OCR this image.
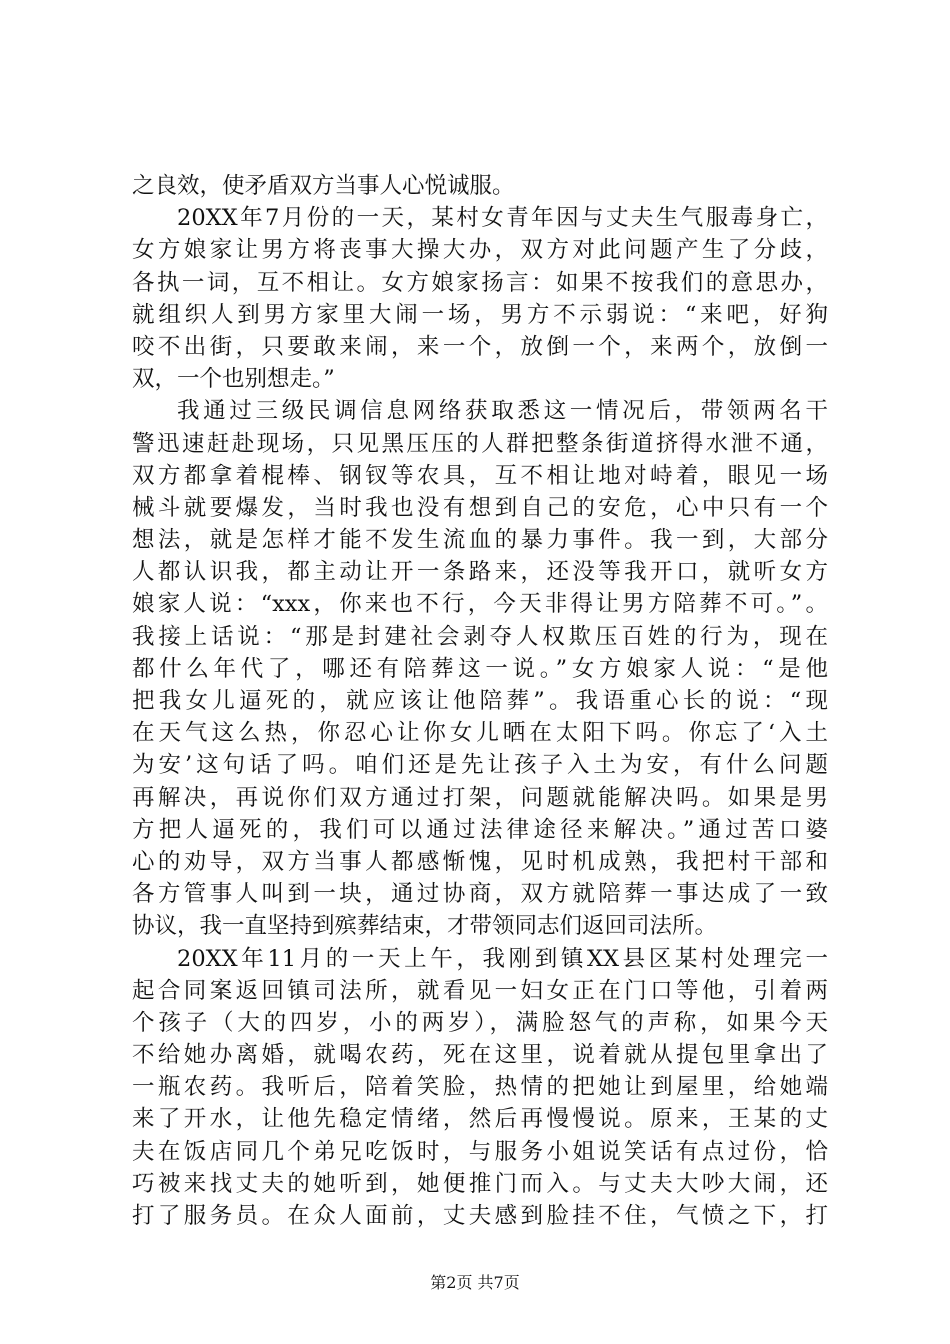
之良效，使矛盾双方当事人心悦诚服。
20XX年7月份的一天，某村女青年因与丈夫生气服毒身亡，
女方娘家让男方将丧事大操大办，双方对此问题产生了分歧，
各执一词，互不相让。女方娘家扬言：如果不按我们的意思办，
就组织人到男方家里大闹一场，男方不示弱说：“来吧，好狗
咬不出街，只要敢来闹，来一个，放倒一个，来两个，放倒一
双，一个也别想走。”
我通过三级民调信息网络获取悉这一情况后，带领两名干
警迅速赶赴现场，只见黑压压的人群把整条街道挤得水泄不通，
双方都拿着棍棒、钢钗等农具，互不相让地对峙着，眼见一场
械斗就要爆发，当时我也没有想到自己的安危，心中只有一个
想法，就是怎样才能不发生流血的暴力事件。我一到，大部分
人都认识我，都主动让开一条路来，还没等我开口，就听女方
娘家人说：“xxx，你来也不行，今天非得让男方陪葬不可。”。
我接上话说：“那是封建社会剥夺人权欺压百姓的行为，现在
都什么年代了，哪还有陪葬这一说。”女方娘家人说：“是他
把我女儿逼死的，就应该让他陪葬”。我语重心长的说：“现
在天气这么热，你忍心让你女儿晒在太阳下吗。你忘了‘入土
为安’这句话了吗。咱们还是先让孩子入土为安，有什么问题
再解决，再说你们双方通过打架，问题就能解决吗。如果是男
方把人逼死的，我们可以通过法律途径来解决。”通过苦口婆
心的劝导，双方当事人都感惭愧，见时机成熟，我把村干部和
各方管事人叫到一块，通过协商，双方就陪葬一事达成了一致
协议，我一直坚持到殡葬结束，才带领同志们返回司法所。
20XX年11月的一天上午，我刚到镇XX县区某村处理完一
起合同案返回镇司法所，就看见一妇女正在门口等他，引着两
个孩子（大的四岁，小的两岁），满脸怒气的声称，如果今天
不给她办离婚，就喝农药，死在这里，说着就从提包里拿出了
一瓶农药。我听后，陪着笑脸，热情的把她让到屋里，给她端
来了开水，让他先稳定情绪，然后再慢慢说。原来，王某的丈
夫在饭店同几个弟兄吃饭时，与服务小姐说笑话有点过份，恰
巧被来找丈夫的她听到，她便推门而入。与丈夫大吵大闹，还
打了服务员。在众人面前，丈夫感到脸挂不住，气愤之下，打
第2页 共7页
